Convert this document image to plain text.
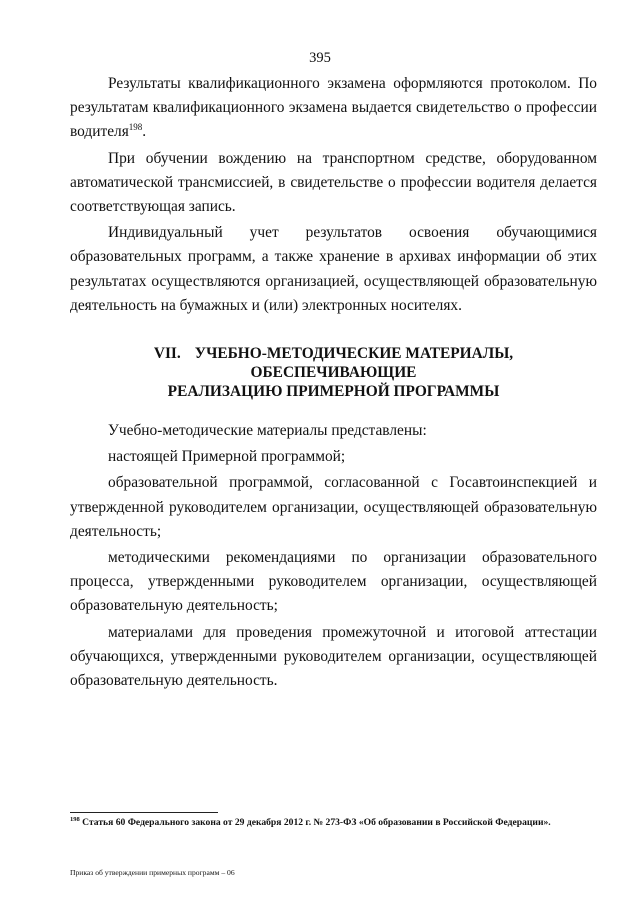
395

Результаты квалификационного экзамена оформляются протоколом. По результатам квалификационного экзамена выдается свидетельство о профессии водителя$^{198}$.

При обучении вождению на транспортном средстве, оборудованном автоматической трансмиссией, в свидетельстве о профессии водителя делается соответствующая запись.

Индивидуальный учет результатов освоения обучающимися образовательных программ, а также хранение в архивах информации об этих результатах осуществляются организацией, осуществляющей образовательную деятельность на бумажных и (или) электронных носителях.

VII. УЧЕБНО-МЕТОДИЧЕСКИЕ МАТЕРИАЛЫ, ОБЕСПЕЧИВАЮЩИЕ
РЕАЛИЗАЦИЮ ПРИМЕРНОЙ ПРОГРАММЫ

Учебно-методические материалы представлены:

настоящей Примерной программой;

образовательной программой, согласованной с Госавтоинспекцией и утвержденной руководителем организации, осуществляющей образовательную деятельность;

методическими рекомендациями по организации образовательного процесса, утвержденными руководителем организации, осуществляющей образовательную деятельность;

материалами для проведения промежуточной и итоговой аттестации обучающихся, утвержденными руководителем организации, осуществляющей образовательную деятельность.

$^{198}$ Статья 60 Федерального закона от 29 декабря 2012 г. № 273-ФЗ «Об образовании в Российской Федерации».
Приказ об утверждении примерных программ – 06
